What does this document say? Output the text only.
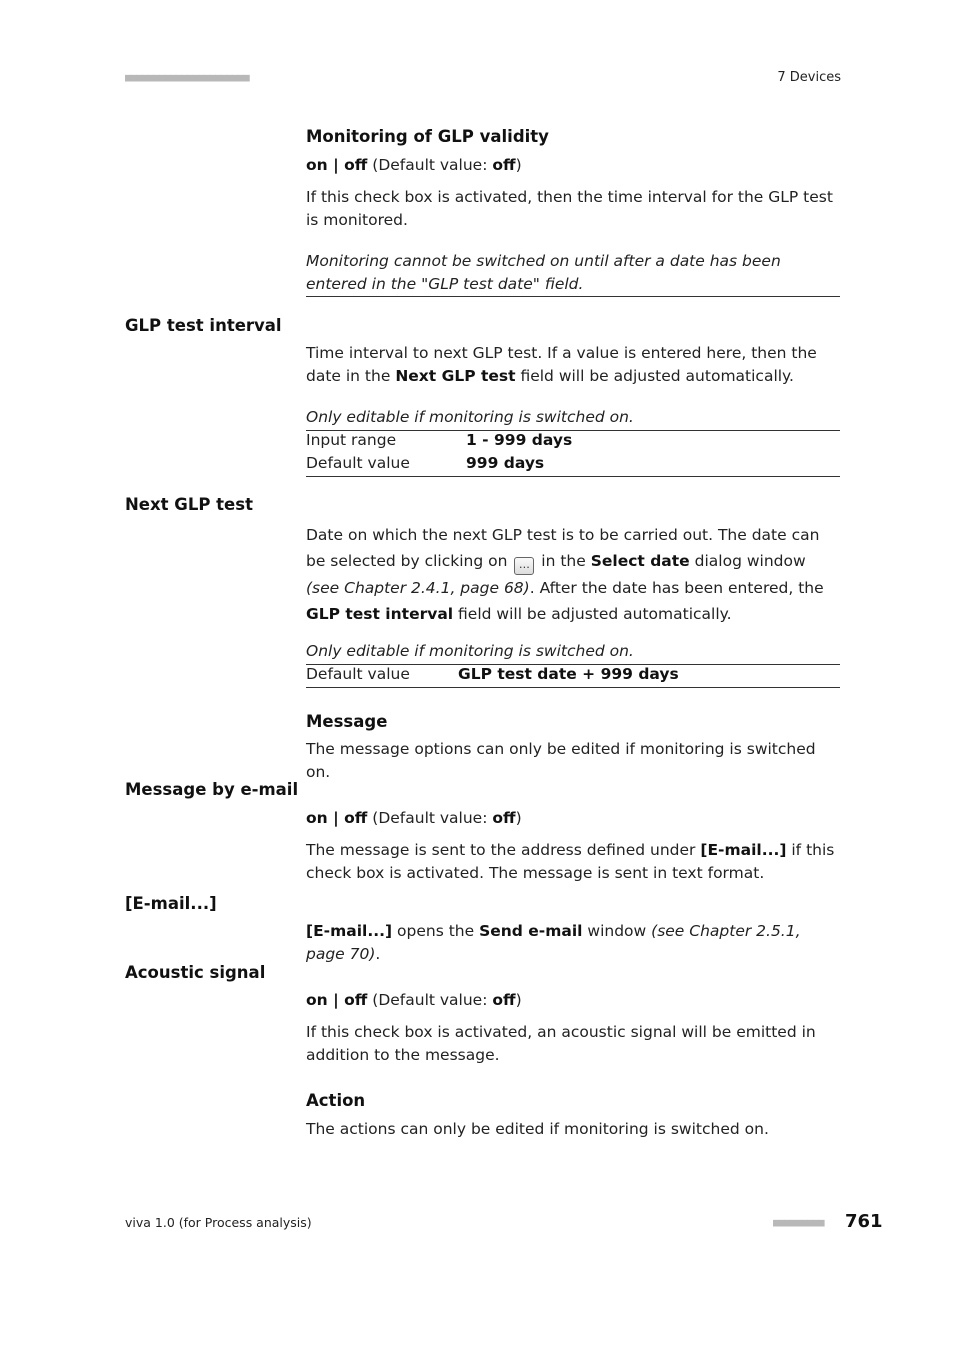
■■■■■■■■■■■■■■■■■■■■■■	7 Devices
Monitoring of GLP validity
on | off (Default value: off)
If this check box is activated, then the time interval for the GLP test is monitored.
Monitoring cannot be switched on until after a date has been entered in the "GLP test date" field.
GLP test interval
Time interval to next GLP test. If a value is entered here, then the date in the Next GLP test field will be adjusted automatically.
Only editable if monitoring is switched on.
Input range	1 - 999 days
Default value	999 days
Next GLP test
Date on which the next GLP test is to be carried out. The date can be selected by clicking on … in the Select date dialog window (see Chapter 2.4.1, page 68). After the date has been entered, the GLP test interval field will be adjusted automatically.
Only editable if monitoring is switched on.
Default value	GLP test date + 999 days
Message
The message options can only be edited if monitoring is switched on.
Message by e-mail
on | off (Default value: off)
The message is sent to the address defined under [E-mail...] if this check box is activated. The message is sent in text format.
[E-mail...]
[E-mail...] opens the Send e-mail window (see Chapter 2.5.1, page 70).
Acoustic signal
on | off (Default value: off)
If this check box is activated, an acoustic signal will be emitted in addition to the message.
Action
The actions can only be edited if monitoring is switched on.
viva 1.0 (for Process analysis)	■■■■■■■■■ 761
